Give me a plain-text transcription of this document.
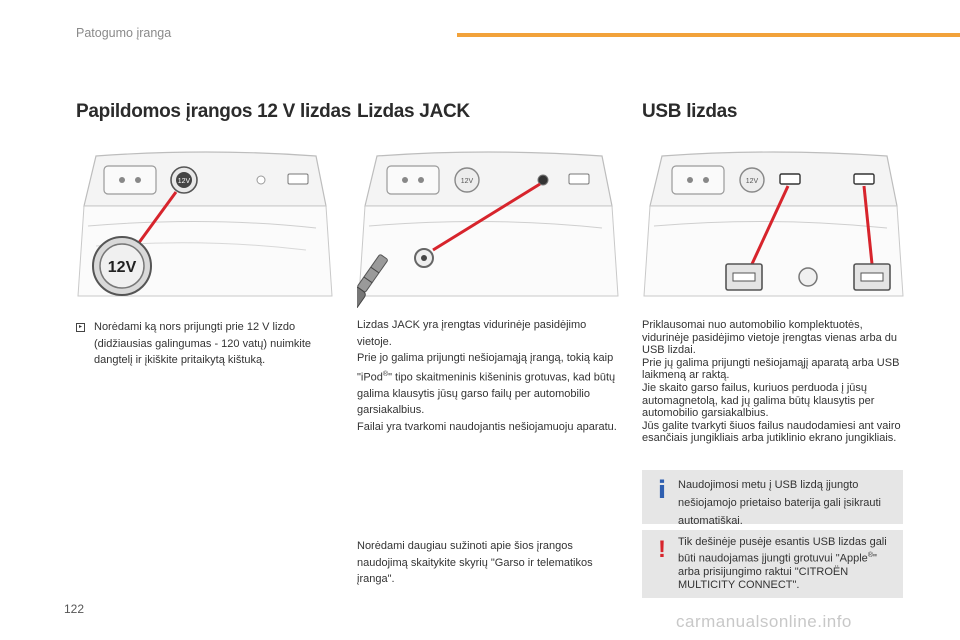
Patogumo įranga
Papildomos įrangos 12 V lizdas
12V
12V
▸ Norėdami ką nors prijungti prie 12 V lizdo (didžiausias galingumas - 120 vatų) nuimkite dangtelį ir įkiškite pritaikytą kištuką.
Lizdas JACK
12V
Lizdas JACK yra įrengtas vidurinėje pasidėjimo vietoje.
Prie jo galima prijungti nešiojamąją įrangą, tokią kaip "iPod®" tipo skaitmeninis kišeninis grotuvas, kad būtų galima klausytis jūsų garso failų per automobilio garsiakalbius.
Failai yra tvarkomi naudojantis nešiojamuoju aparatu.
Norėdami daugiau sužinoti apie šios įrangos naudojimą skaitykite skyrių "Garso ir telematikos įranga".
USB lizdas
12V
Priklausomai nuo automobilio komplektuotės, vidurinėje pasidėjimo vietoje įrengtas vienas arba du USB lizdai.
Prie jų galima prijungti nešiojamąjį aparatą arba USB laikmeną ar raktą.
Jie skaito garso failus, kuriuos perduoda į jūsų automagnetolą, kad jų galima būtų klausytis per automobilio garsiakalbius.
Jūs galite tvarkyti šiuos failus naudodamiesi ant vairo esančiais jungikliais arba jutiklinio ekrano jungikliais.
i	Naudojimosi metu į USB lizdą įjungto nešiojamojo prietaiso baterija gali įsikrauti automatiškai.
!	Tik dešinėje pusėje esantis USB lizdas gali būti naudojamas įjungti grotuvui "Apple®" arba prisijungimo raktui "CITROËN MULTICITY CONNECT".
122
carmanualsonline.info
